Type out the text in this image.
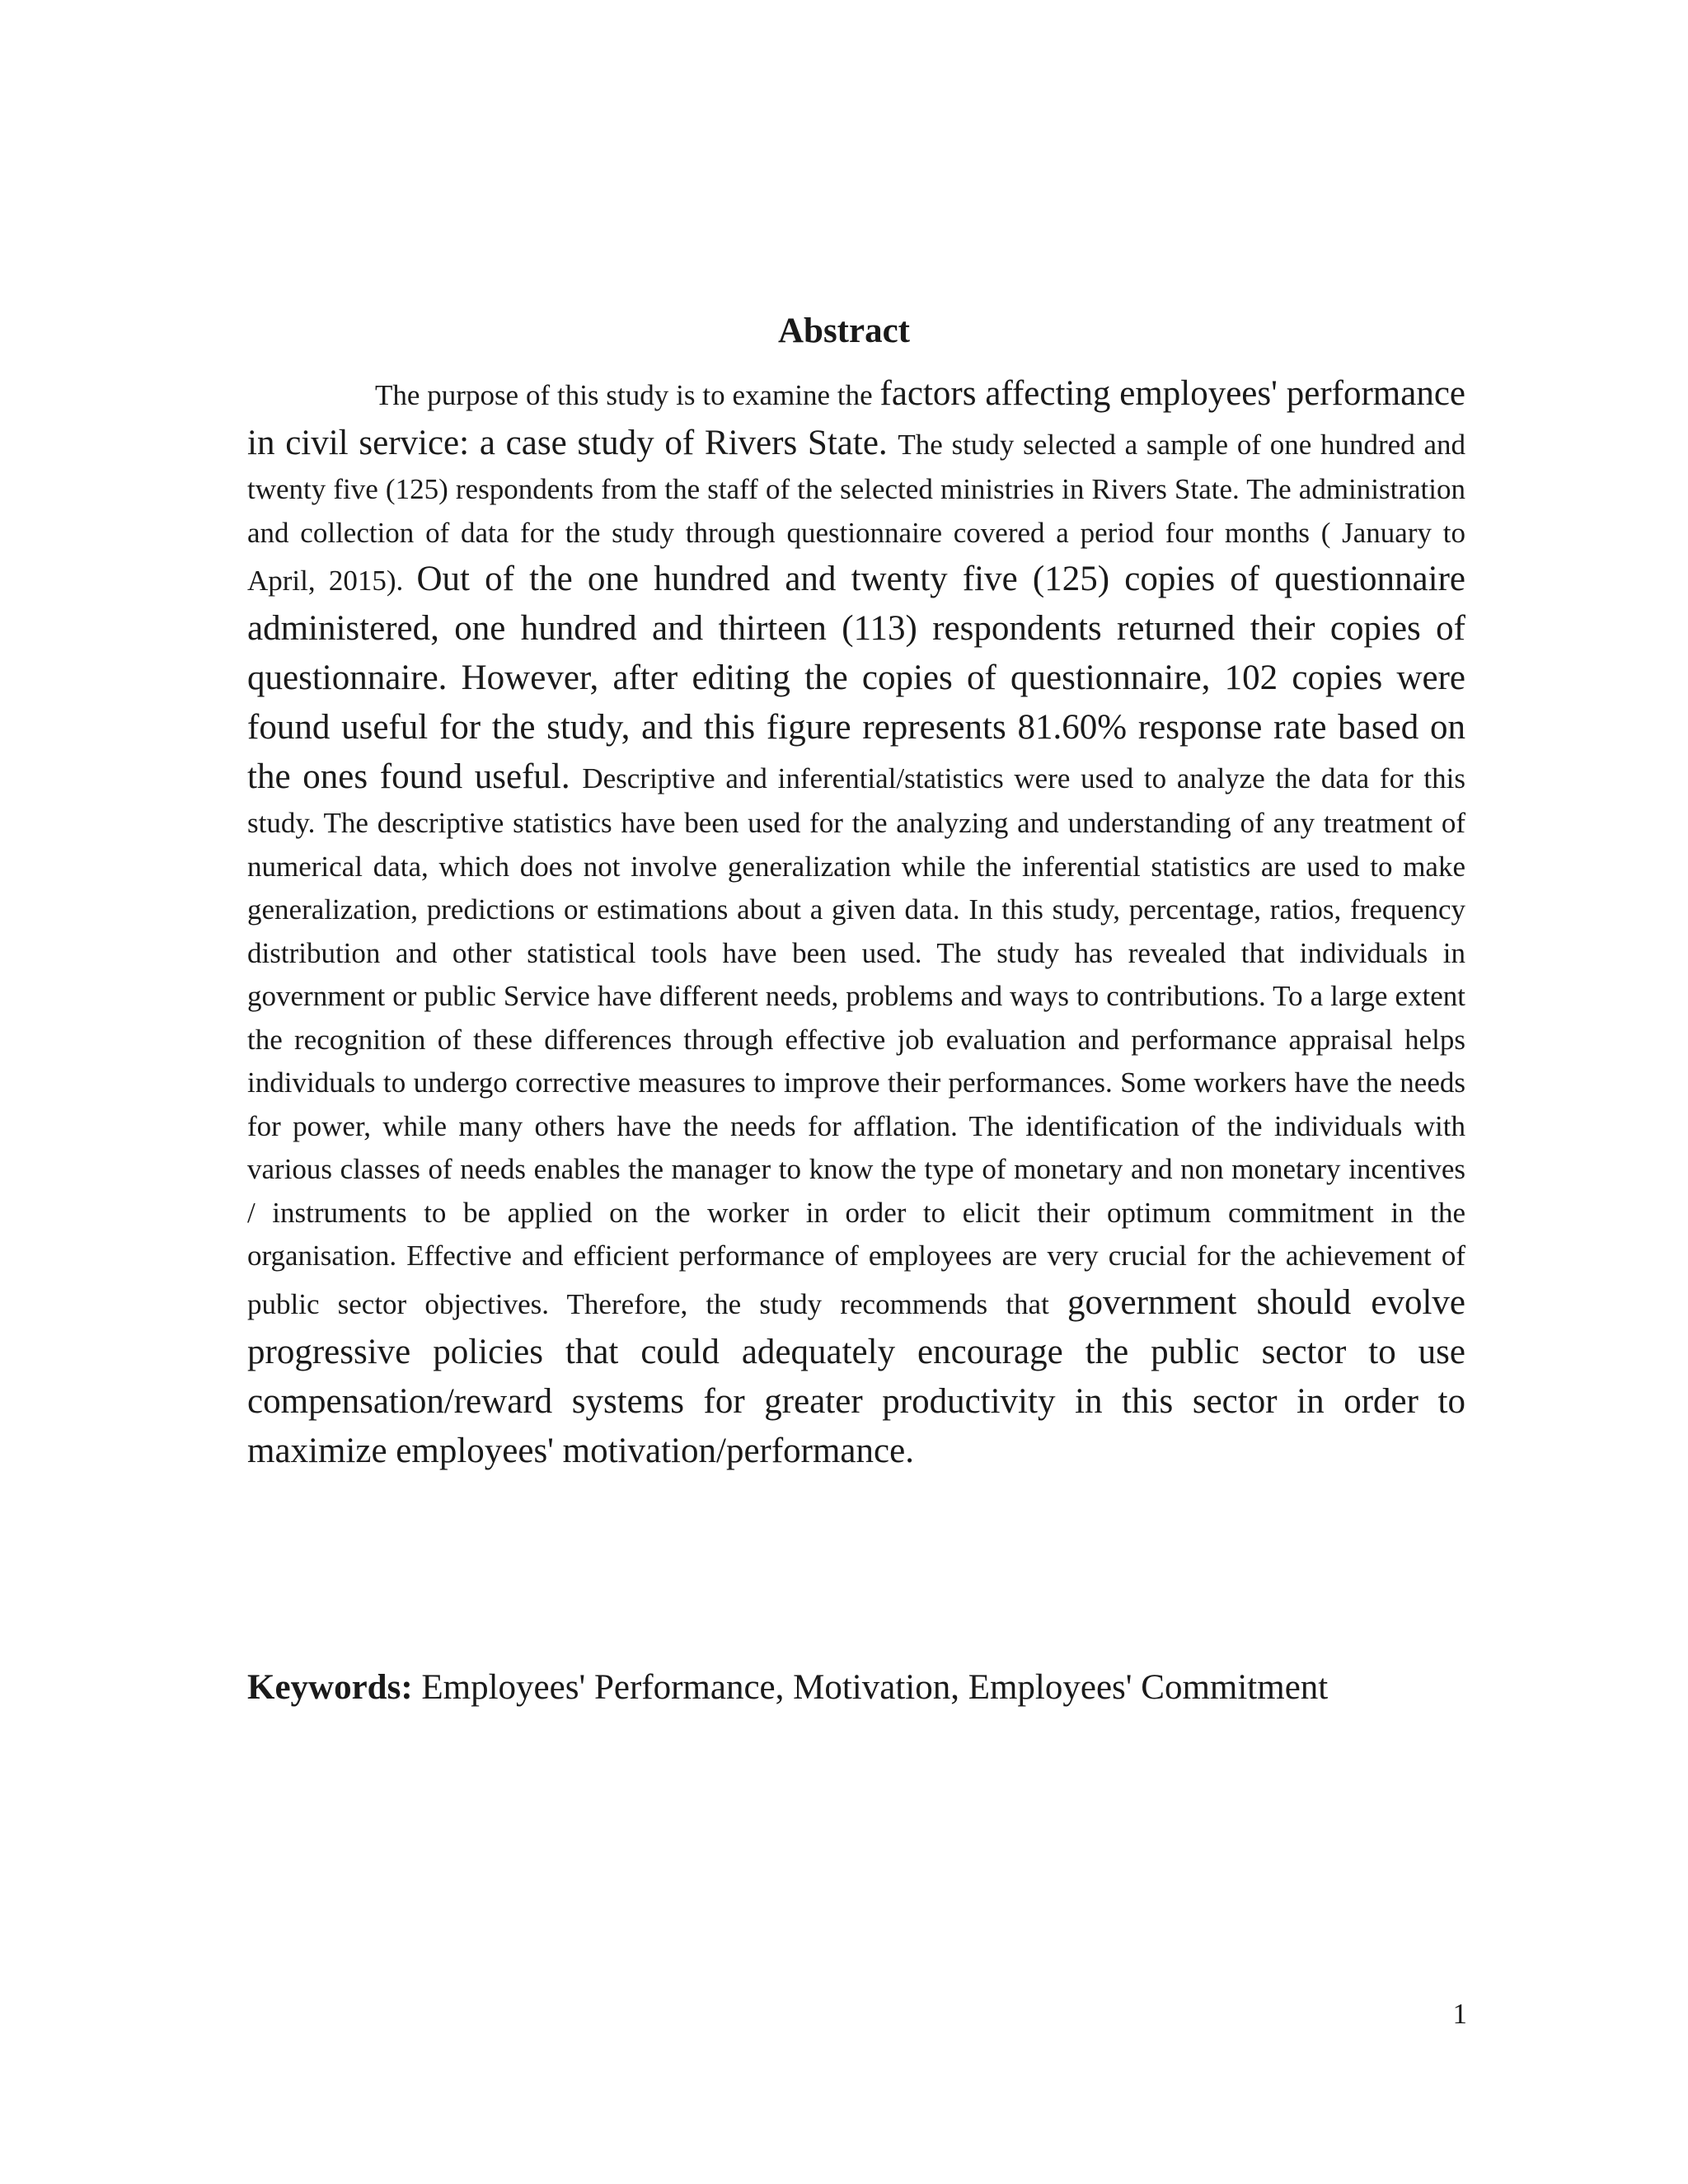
Abstract

The purpose of this study is to examine the factors affecting employees' performance in civil service: a case study of Rivers State. The study selected a sample of one hundred and twenty five (125) respondents from the staff of the selected ministries in Rivers State. The administration and collection of data for the study through questionnaire covered a period four months ( January to April, 2015). Out of the one hundred and twenty five (125) copies of questionnaire administered, one hundred and thirteen (113) respondents returned their copies of questionnaire. However, after editing the copies of questionnaire, 102 copies were found useful for the study, and this figure represents 81.60% response rate based on the ones found useful. Descriptive and inferential/statistics were used to analyze the data for this study. The descriptive statistics have been used for the analyzing and understanding of any treatment of numerical data, which does not involve generalization while the inferential statistics are used to make generalization, predictions or estimations about a given data. In this study, percentage, ratios, frequency distribution and other statistical tools have been used. The study has revealed that individuals in government or public Service have different needs, problems and ways to contributions. To a large extent the recognition of these differences through effective job evaluation and performance appraisal helps individuals to undergo corrective measures to improve their performances. Some workers have the needs for power, while many others have the needs for afflation. The identification of the individuals with various classes of needs enables the manager to know the type of monetary and non monetary incentives / instruments to be applied on the worker in order to elicit their optimum commitment in the organisation. Effective and efficient performance of employees are very crucial for the achievement of public sector objectives. Therefore, the study recommends that government should evolve progressive policies that could adequately encourage the public sector to use compensation/reward systems for greater productivity in this sector in order to maximize employees' motivation/performance.

Keywords: Employees' Performance, Motivation, Employees' Commitment

1
